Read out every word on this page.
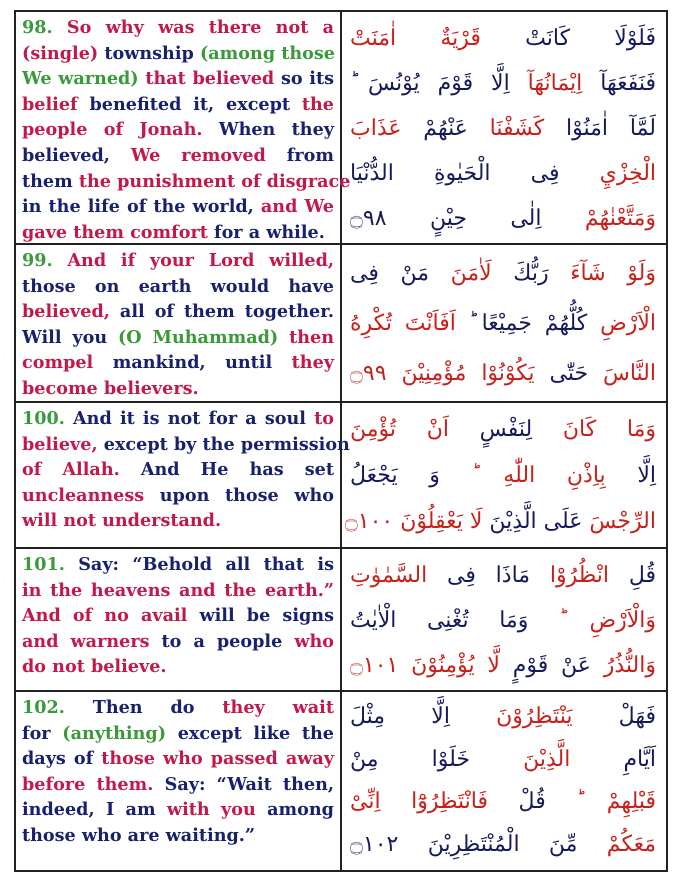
98. So why was there not a
(single) township (among those
We warned) that believed so its
belief benefited it, except the
people of Jonah. When they
believed, We removed from
them the punishment of disgrace
in the life of the world, and We
gave them comfort for a while.
فَلَوْلَا كَانَتْ قَرْيَةٌ اٰمَنَتْ
فَنَفَعَهَآ اِيْمَانُهَآ اِلَّا قَوْمَ يُوْنُسَ ؕ
لَمَّآ اٰمَنُوْا كَشَفْنَا عَنْهُمْ عَذَابَ
الْخِزْيِ فِى الْحَيٰوةِ الدُّنْيَا
وَمَتَّعْنٰهُمْ اِلٰى حِيْنٍ ۝٩٨
99. And if your Lord willed,
those on earth would have
believed, all of them together.
Will you (O Muhammad) then
compel mankind, until they
become believers.
وَلَوْ شَآءَ رَبُّكَ لَاٰمَنَ مَنْ فِى
الْاَرْضِ كُلُّهُمْ جَمِيْعًا ؕ اَفَاَنْتَ تُكْرِهُ
النَّاسَ حَتّٰى يَكُوْنُوْا مُؤْمِنِيْنَ ۝٩٩
100. And it is not for a soul to
believe, except by the permission
of Allah. And He has set
uncleanness upon those who
will not understand.
وَمَا كَانَ لِنَفْسٍ اَنْ تُؤْمِنَ
اِلَّا بِاِذْنِ اللّٰهِ ؕ وَ يَجْعَلُ
الرِّجْسَ عَلَى الَّذِيْنَ لَا يَعْقِلُوْنَ ۝١٠٠
101. Say: “Behold all that is
in the heavens and the earth.”
And of no avail will be signs
and warners to a people who
do not believe.
قُلِ انْظُرُوْا مَاذَا فِى السَّمٰوٰتِ
وَالْاَرْضِ ؕ وَمَا تُغْنِى الْاٰيٰتُ
وَالنُّذُرُ عَنْ قَوْمٍ لَّا يُؤْمِنُوْنَ ۝١٠١
102. Then do they wait
for (anything) except like the
days of those who passed away
before them. Say: “Wait then,
indeed, I am with you among
those who are waiting.”
فَهَلْ يَنْتَظِرُوْنَ اِلَّا مِثْلَ
اَيَّامِ الَّذِيْنَ خَلَوْا مِنْ
قَبْلِهِمْ ؕ قُلْ فَانْتَظِرُوْٓا اِنِّىْ
مَعَكُمْ مِّنَ الْمُنْتَظِرِيْنَ ۝١٠٢
